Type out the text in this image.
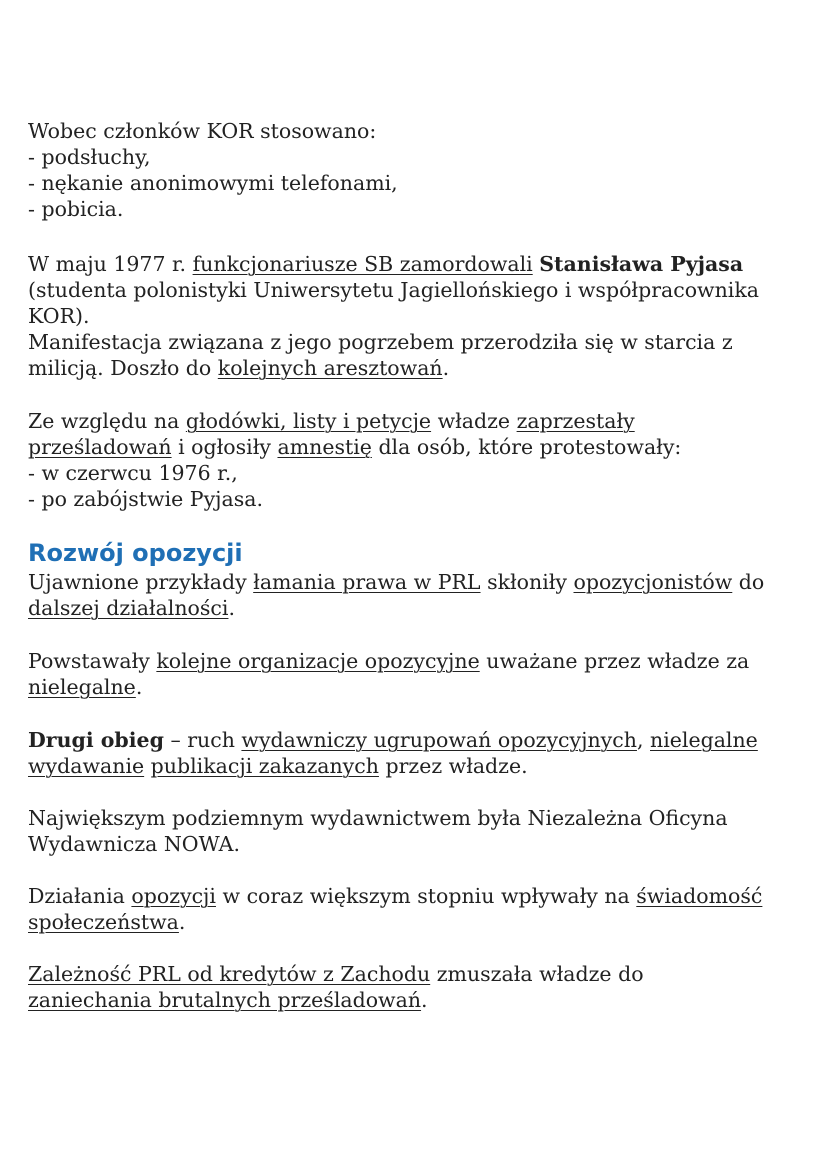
Wobec członków KOR stosowano:
- podsłuchy,
- nękanie anonimowymi telefonami,
- pobicia.
W maju 1977 r. funkcjonariusze SB zamordowali Stanisława Pyjasa
(studenta polonistyki Uniwersytetu Jagiellońskiego i współpracownika
KOR).
Manifestacja związana z jego pogrzebem przerodziła się w starcia z
milicją. Doszło do kolejnych aresztowań.
Ze względu na głodówki, listy i petycje władze zaprzestały
prześladowań i ogłosiły amnestię dla osób, które protestowały:
- w czerwcu 1976 r.,
- po zabójstwie Pyjasa.
Rozwój opozycji
Ujawnione przykłady łamania prawa w PRL skłoniły opozycjonistów do
dalszej działalności.
Powstawały kolejne organizacje opozycyjne uważane przez władze za
nielegalne.
Drugi obieg – ruch wydawniczy ugrupowań opozycyjnych, nielegalne
wydawanie publikacji zakazanych przez władze.
Największym podziemnym wydawnictwem była Niezależna Oficyna
Wydawnicza NOWA.
Działania opozycji w coraz większym stopniu wpływały na świadomość
społeczeństwa.
Zależność PRL od kredytów z Zachodu zmuszała władze do
zaniechania brutalnych prześladowań.
